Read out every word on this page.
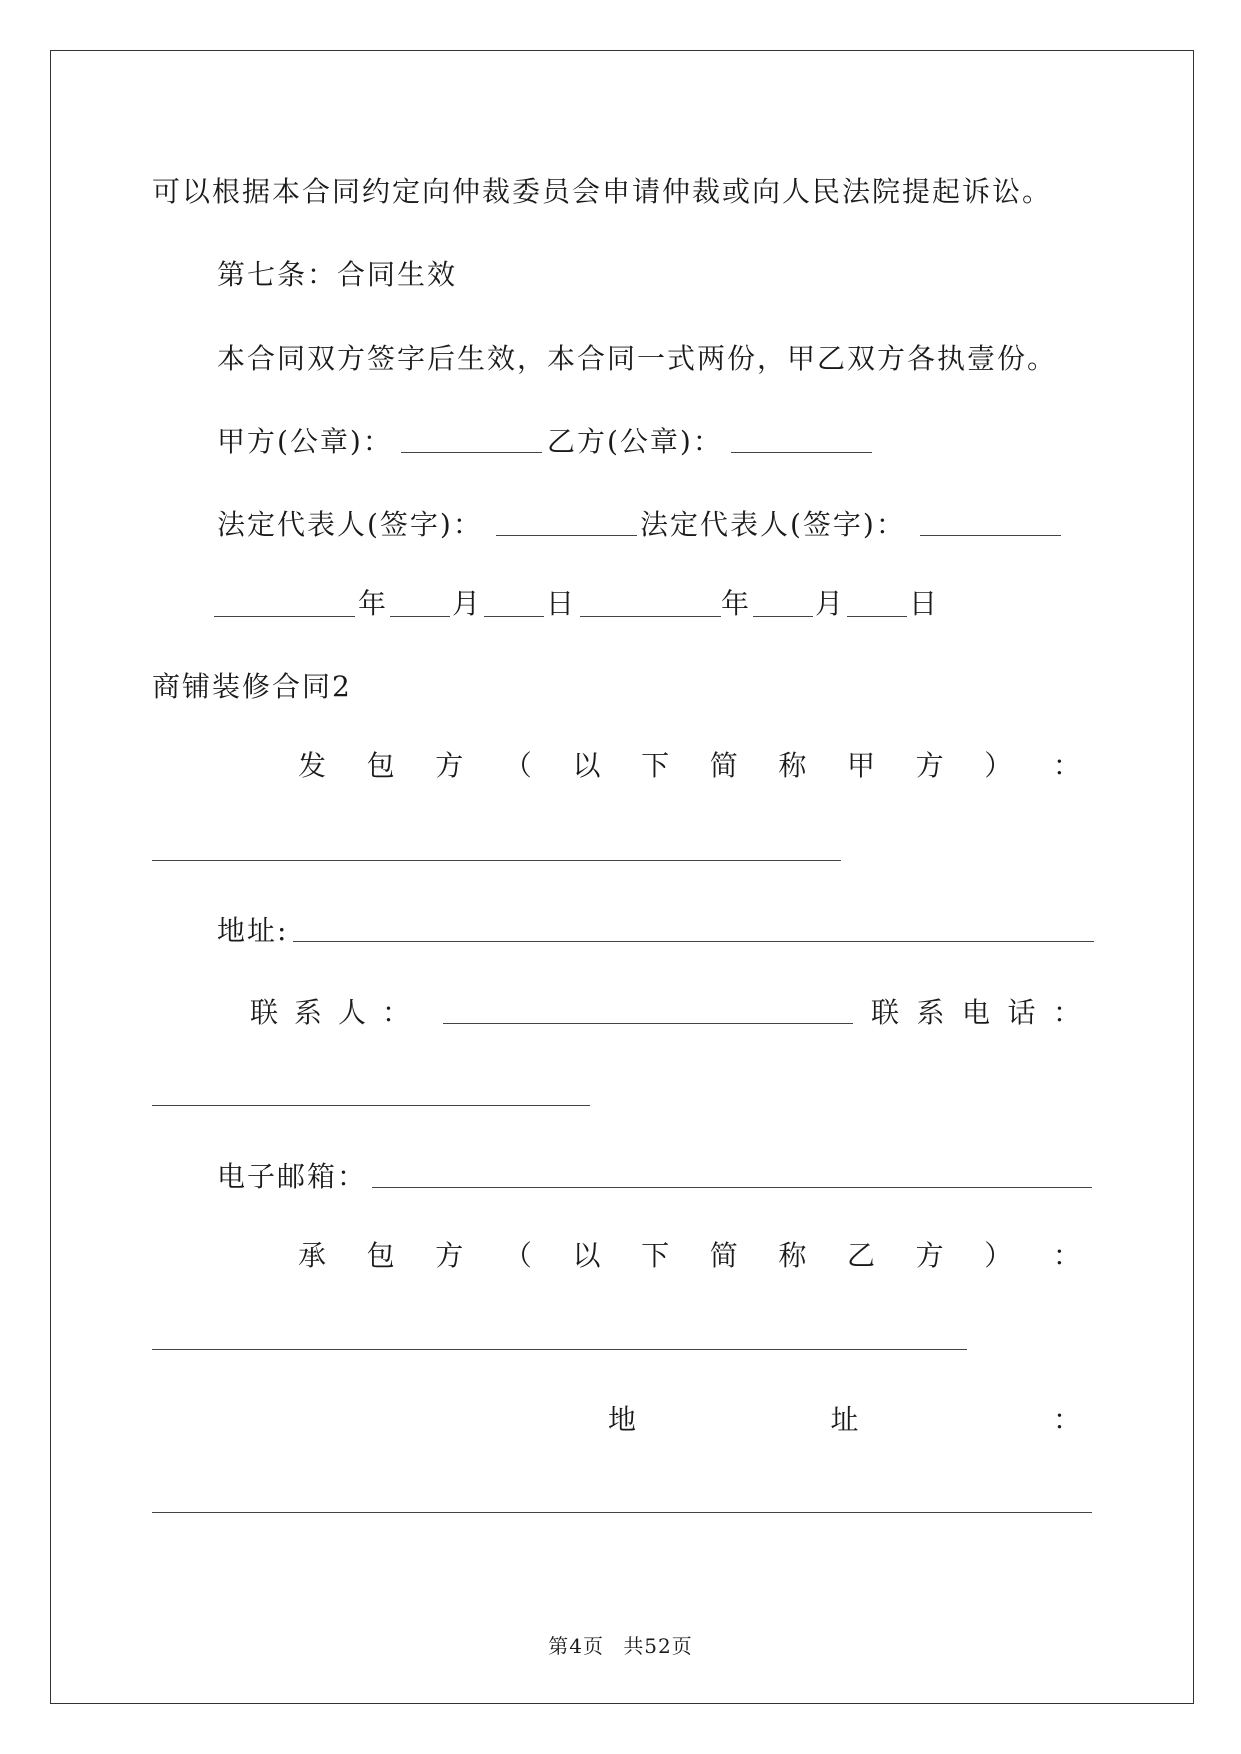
可以根据本合同约定向仲裁委员会申请仲裁或向人民法院提起诉讼。
第七条：合同生效
本合同双方签字后生效，本合同一式两份，甲乙双方各执壹份。
甲方(公章)：	乙方(公章)：
法定代表人(签字)：	法定代表人(签字)：
年 月 日	年 月 日
商铺装修合同2
发 包 方 （ 以 下 简 称 甲 方 ） ：
地址:
联 系 人 ：	联 系 电 话 ：
电子邮箱：
承 包 方 （ 以 下 简 称 乙 方 ） ：
地	址	：
第4页 共52页
